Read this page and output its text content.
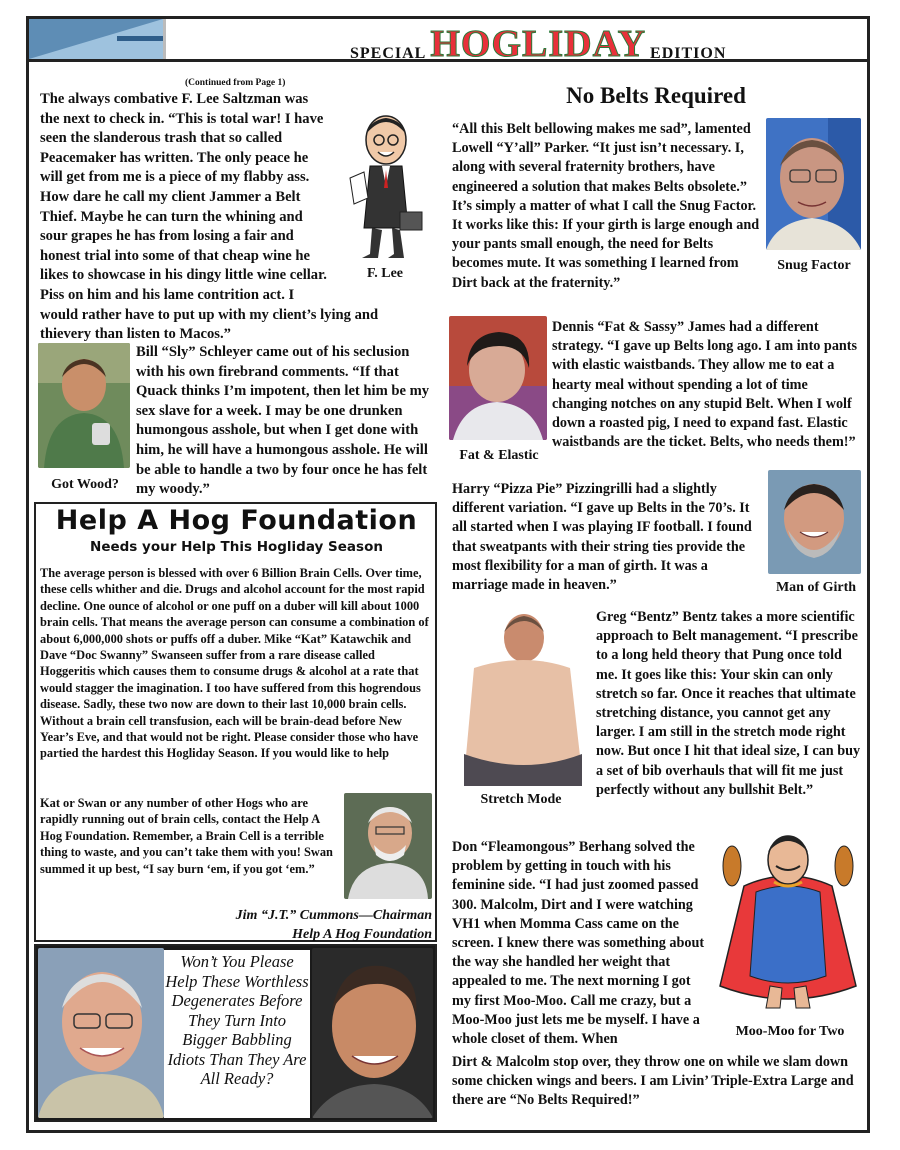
SPECIAL HOGLIDAY EDITION
(Continued from Page 1)
F. Lee

The always combative F. Lee Saltzman was the next to check in. “This is total war! I have seen the slanderous trash that so called Peacemaker has written. The only peace he will get from me is a piece of my flabby ass. How dare he call my client Jammer a Belt Thief. Maybe he can turn the whining and sour grapes he has from losing a fair and honest trial into some of that cheap wine he likes to showcase in his dingy little wine cellar. Piss on him and his lame contrition act. I would rather have to put up with my client’s lying and thievery than listen to Macos.”

Got Wood?

Bill “Sly” Schleyer came out of his seclusion with his own firebrand comments. “If that Quack thinks I’m impotent, then let him be my sex slave for a week. I may be one drunken humongous asshole, but when I get done with him, he will have a humongous asshole. He will be able to handle a two by four once he has felt my woody.”

Help A Hog Foundation
Needs your Help This Hogliday Season

The average person is blessed with over 6 Billion Brain Cells. Over time, these cells whither and die. Drugs and alcohol account for the most rapid decline. One ounce of alcohol or one puff on a duber will kill about 1000 brain cells. That means the average person can consume a combination of about 6,000,000 shots or puffs off a duber. Mike “Kat” Katawchik and Dave “Doc Swanny” Swanseen suffer from a rare disease called Hoggeritis which causes them to consume drugs & alcohol at a rate that would stagger the imagination. I too have suffered from this hogrendous disease. Sadly, these two now are down to their last 10,000 brain cells. Without a brain cell transfusion, each will be brain-dead before New Year’s Eve, and that would not be right. Please consider those who have partied the hardest this Hogliday Season. If you would like to help

Kat or Swan or any number of other Hogs who are rapidly running out of brain cells, contact the Help A Hog Foundation. Remember, a Brain Cell is a terrible thing to waste, and you can’t take them with you! Swan summed it up best, “I say burn ‘em, if you got ‘em.”

Jim “J.T.” Cummons—Chairman
Help A Hog Foundation
Won’t You Please Help These Worthless Degenerates Before They Turn Into Bigger Babbling Idiots Than They Are All Ready?
No Belts Required

“All this Belt bellowing makes me sad”, lamented Lowell “Y’all” Parker. “It just isn’t necessary. I, along with several fraternity brothers, have engineered a solution that makes Belts obsolete.” It’s simply a matter of what I call the Snug Factor. It works like this: If your girth is large enough and your pants small enough, the need for Belts becomes mute. It was something I learned from Dirt back at the fraternity.”

Snug Factor
Fat & Elastic

Dennis “Fat & Sassy” James had a different strategy. “I gave up Belts long ago. I am into pants with elastic waistbands. They allow me to eat a hearty meal without spending a lot of time changing notches on any stupid Belt. When I wolf down a roasted pig, I need to expand fast. Elastic waistbands are the ticket. Belts, who needs them!”

Harry “Pizza Pie” Pizzingrilli had a slightly different variation. “I gave up Belts in the 70’s. It all started when I was playing IF football. I found that sweatpants with their string ties provide the most flexibility for a man of girth. It was a marriage made in heaven.”	Man of Girth
Stretch Mode

Greg “Bentz” Bentz takes a more scientific approach to Belt management. “I prescribe to a long held theory that Pung once told me. It goes like this: Your skin can only stretch so far. Once it reaches that ultimate stretching distance, you cannot get any larger. I am still in the stretch mode right now. But once I hit that ideal size, I can buy a set of bib overhauls that will fit me just perfectly without any bullshit Belt.”

Don “Fleamongous” Berhang solved the problem by getting in touch with his feminine side. “I had just zoomed passed 300. Malcolm, Dirt and I were watching VH1 when Momma Cass came on the screen. I knew there was something about the way she handled her weight that appealed to me. The next morning I got my first Moo-Moo. Call me crazy, but a Moo-Moo just lets me be myself. I have a whole closet of them. When

Dirt & Malcolm stop over, they throw one on while we slam down some chicken wings and beers. I am Livin’ Triple-Extra Large and there are “No Belts Required!”

Moo-Moo for Two
